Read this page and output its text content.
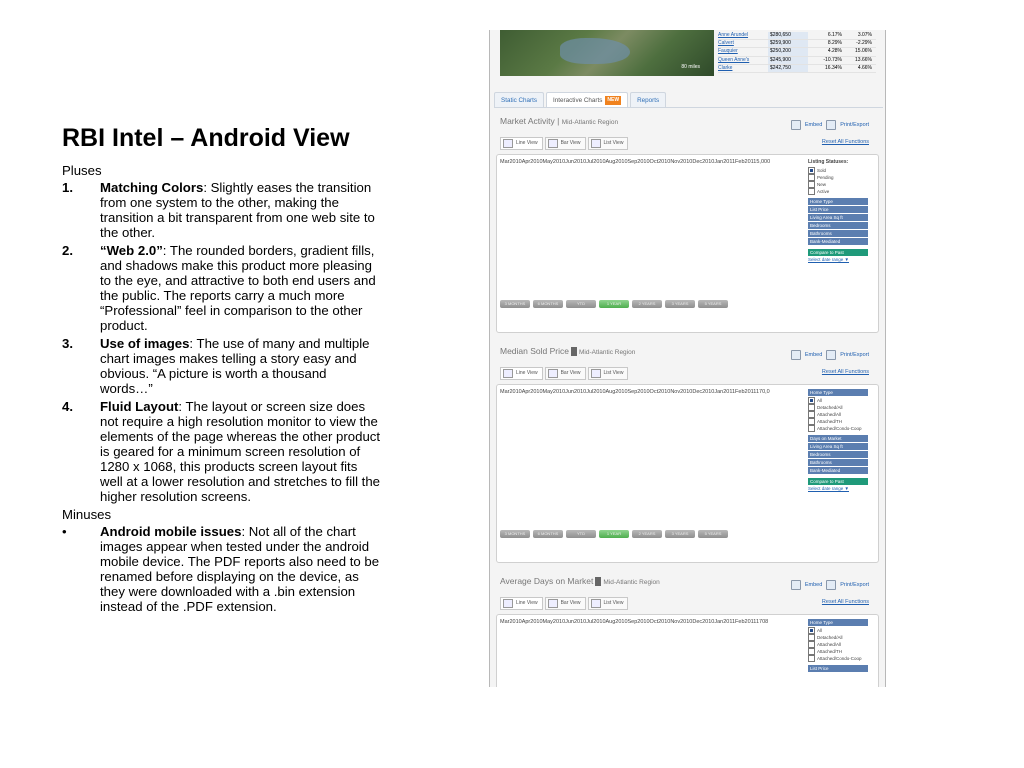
RBI Intel – Android View
Pluses
1. Matching Colors: Slightly eases the transition from one system to the other, making the transition a bit transparent from one web site to the other.
2. “Web 2.0”: The rounded borders, gradient fills, and shadows make this product more pleasing to the eye, and attractive to both end users and the public. The reports carry a much more “Professional” feel in comparison to the other product.
3. Use of images: The use of many and multiple chart images makes telling a story easy and obvious. “A picture is worth a thousand words…”
4. Fluid Layout: The layout or screen size does not require a high resolution monitor to view the elements of the page whereas the other product is geared for a minimum screen resolution of 1280 x 1068, this products screen layout fits well at a lower resolution and stretches to fill the higher resolution screens.
Minuses
•	Android mobile issues: Not all of the chart images appear when tested under the android mobile device. The PDF reports also need to be renamed before displaying on the device, as they were downloaded with a .bin extension instead of the .PDF extension.
80 miles
Anne Arundel	$280,650	6.17%	3.07%
Calvert	$259,900	8.29%	-2.29%
Fauquier	$250,200	4.28%	15.06%
Queen Anne's	$245,900	-10.73%	13.66%
Clarke	$242,750	16.34%	4.66%
Static Charts	Interactive Charts NEW	Reports
Market Activity | Mid-Atlantic Region	Embed	Print/Export
Reset All Functions
Line View	Bar View	List View
Mar2010Apr2010May2010Jun2010Jul2010Aug2010Sep2010Oct2010Nov2010Dec2010Jan2011Feb20115,000	Listing Statuses:
Sold
Pending
New
Active
Home Type
List Price
Living Area Sq ft
Bedrooms
Bathrooms
Bank-Mediated
Compare to Past
Select date range ▼
3 MONTHS	6 MONTHS	YTD	1 YEAR	2 YEARS	3 YEARS	5 YEARS
Median Sold Price Mid-Atlantic Region	Embed	Print/Export
Reset All Functions
Line View	Bar View	List View
Mar2010Apr2010May2010Jun2010Jul2010Aug2010Sep2010Oct2010Nov2010Dec2010Jan2011Feb2011170,0	Home Type
All
Detached/All
Attached/All
Attached/TH
Attached/Condo-Coop
Days on Market
Living Area Sq ft
Bedrooms
Bathrooms
Bank-Mediated
Compare to Past
Select date range ▼
3 MONTHS	6 MONTHS	YTD	1 YEAR	2 YEARS	3 YEARS	5 YEARS
Average Days on Market Mid-Atlantic Region	Embed	Print/Export
Reset All Functions
Line View	Bar View	List View
Mar2010Apr2010May2010Jun2010Jul2010Aug2010Sep2010Oct2010Nov2010Dec2010Jan2011Feb20111708	Home Type
All
Detached/All
Attached/All
Attached/TH
Attached/Condo-Coop
List Price
